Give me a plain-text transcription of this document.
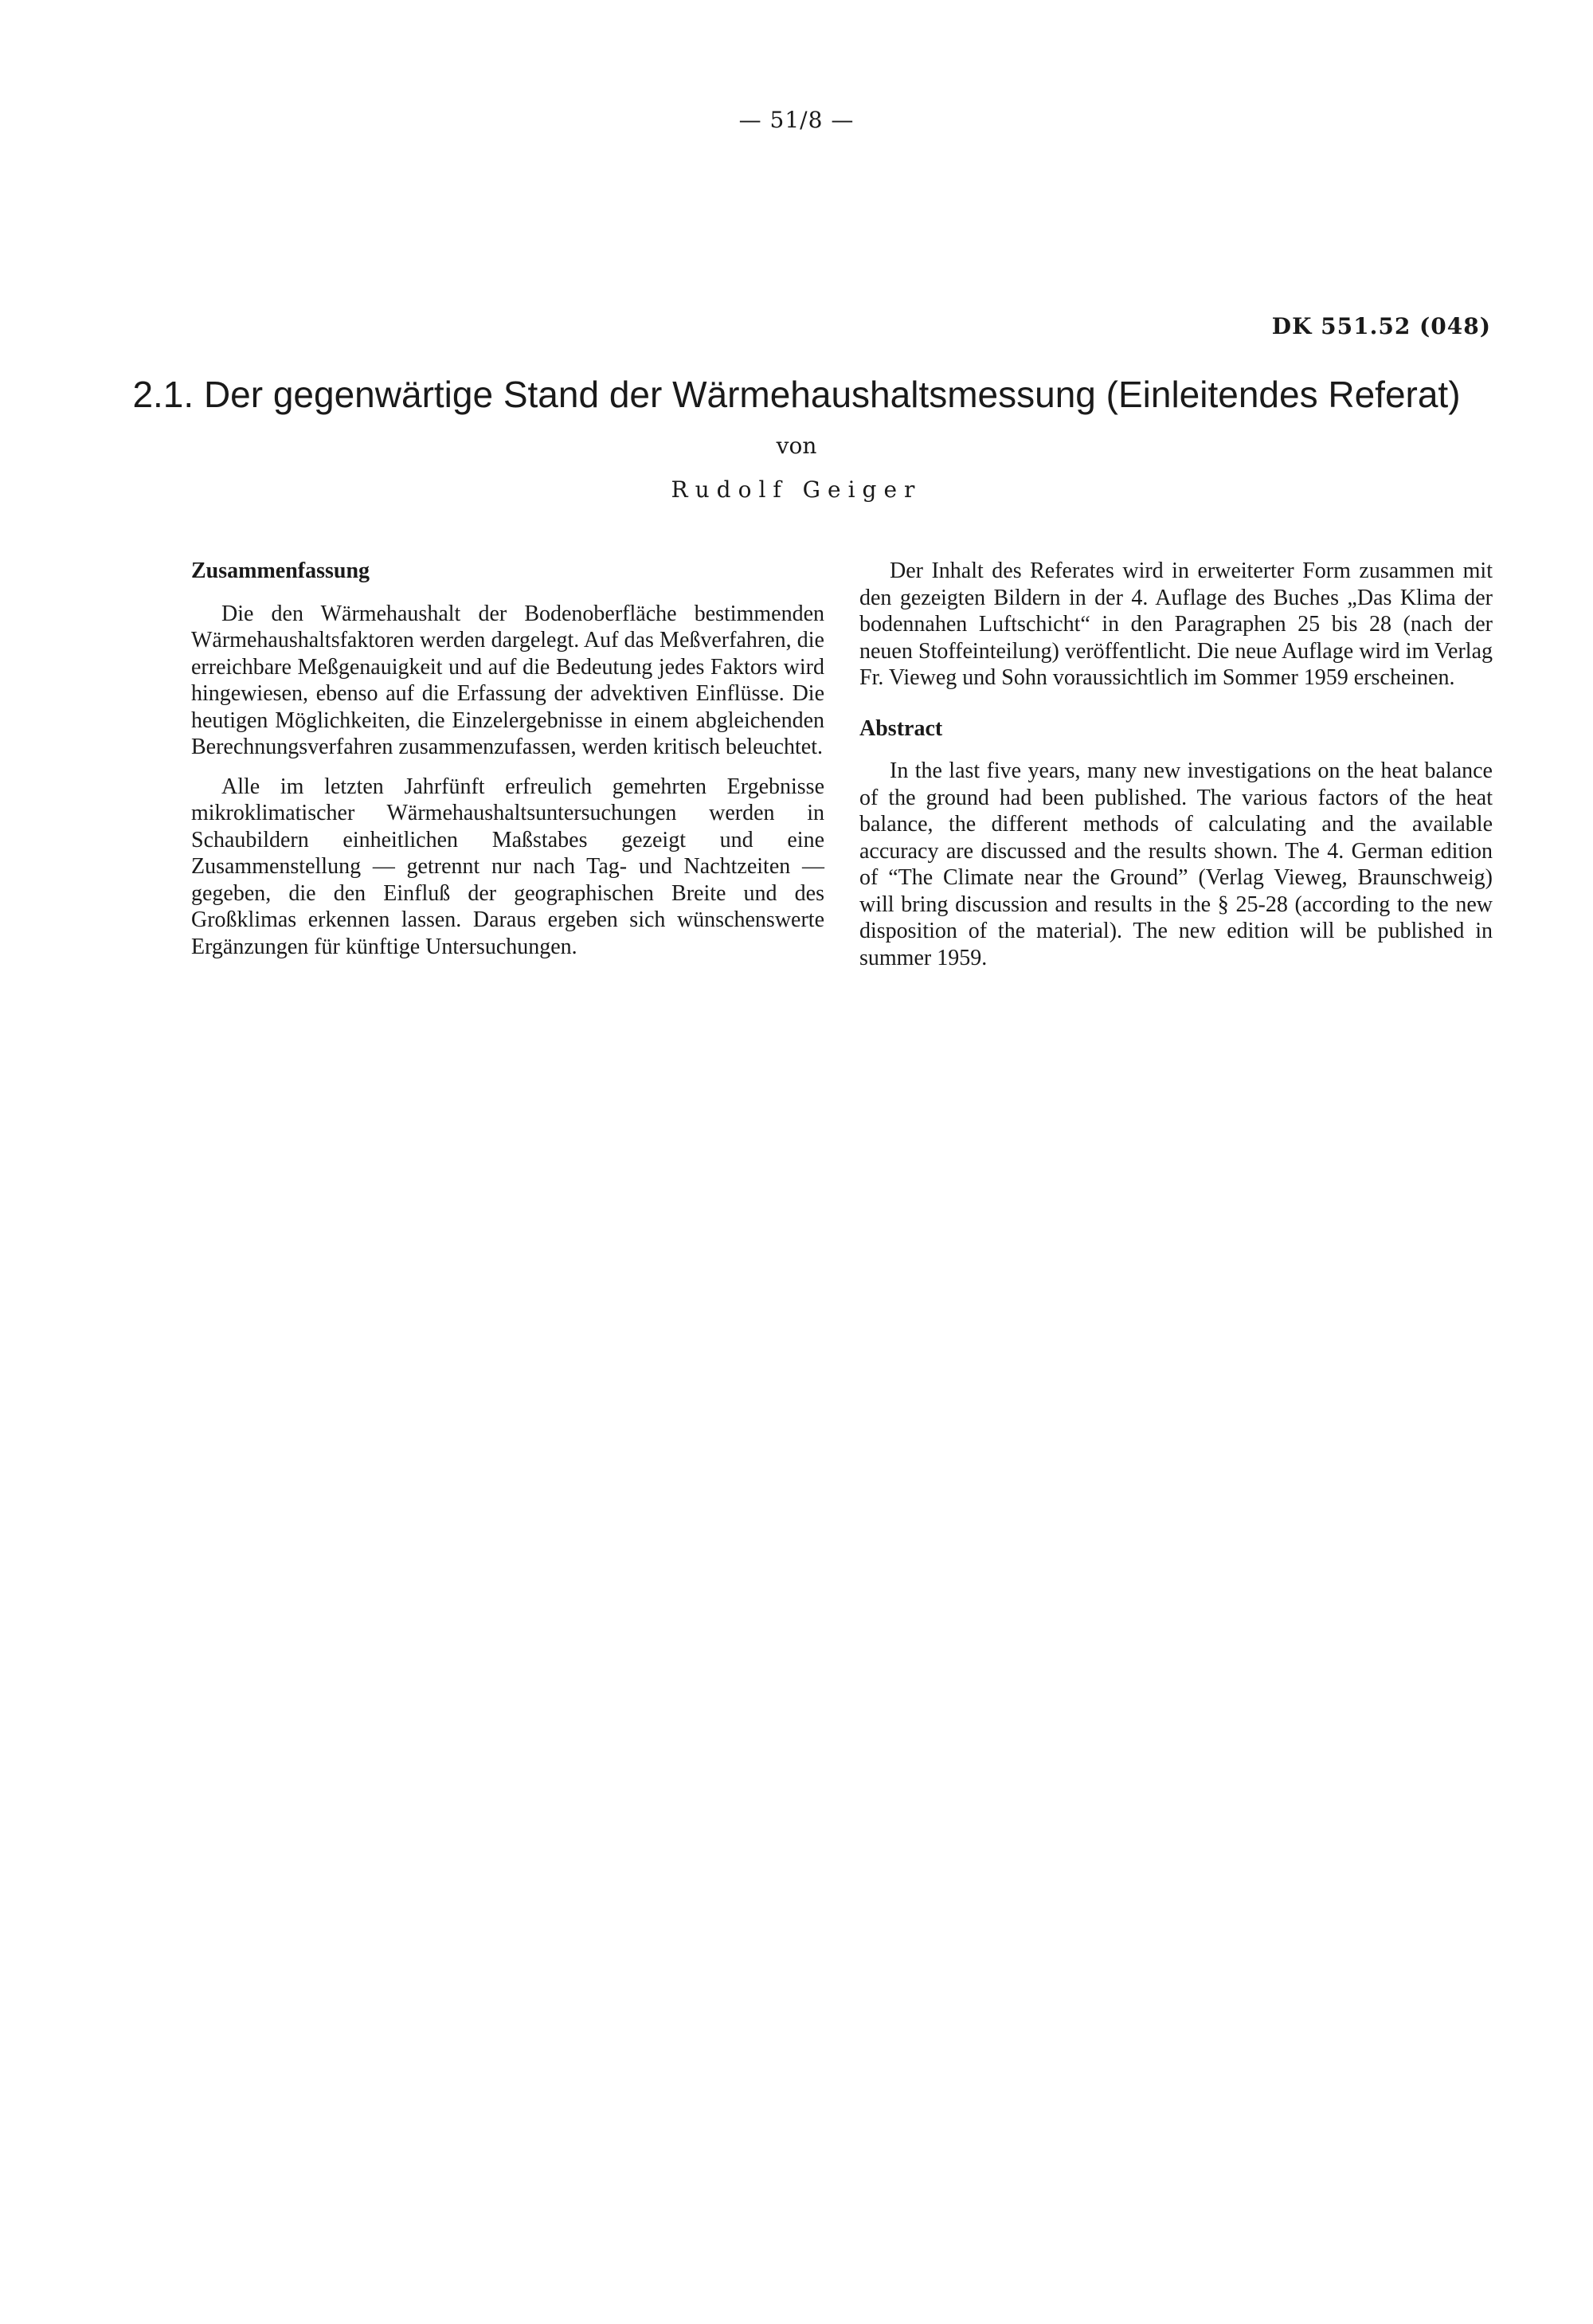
— 51/8 —
DK 551.52 (048)
2.1. Der gegenwärtige Stand der Wärmehaushaltsmessung (Einleitendes Referat)
von
Rudolf Geiger
Zusammenfassung

Die den Wärmehaushalt der Bodenoberfläche bestimmenden Wärmehaushaltsfaktoren werden dargelegt. Auf das Meßverfahren, die erreichbare Meßgenauigkeit und auf die Bedeutung jedes Faktors wird hingewiesen, ebenso auf die Erfassung der advektiven Einflüsse. Die heutigen Möglichkeiten, die Einzelergebnisse in einem abgleichenden Berechnungsverfahren zusammenzufassen, werden kritisch beleuchtet.

Alle im letzten Jahrfünft erfreulich gemehrten Ergebnisse mikroklimatischer Wärmehaushaltsuntersuchungen werden in Schaubildern einheitlichen Maßstabes gezeigt und eine Zusammenstellung — getrennt nur nach Tag- und Nachtzeiten — gegeben, die den Einfluß der geographischen Breite und des Großklimas erkennen lassen. Daraus ergeben sich wünschenswerte Ergänzungen für künftige Untersuchungen.

Der Inhalt des Referates wird in erweiterter Form zusammen mit den gezeigten Bildern in der 4. Auflage des Buches „Das Klima der bodennahen Luftschicht“ in den Paragraphen 25 bis 28 (nach der neuen Stoffeinteilung) veröffentlicht. Die neue Auflage wird im Verlag Fr. Vieweg und Sohn voraussichtlich im Sommer 1959 erscheinen.

Abstract

In the last five years, many new investigations on the heat balance of the ground had been published. The various factors of the heat balance, the different methods of calculating and the available accuracy are discussed and the results shown. The 4. German edition of “The Climate near the Ground” (Verlag Vieweg, Braunschweig) will bring discussion and results in the § 25-28 (according to the new disposition of the material). The new edition will be published in summer 1959.
